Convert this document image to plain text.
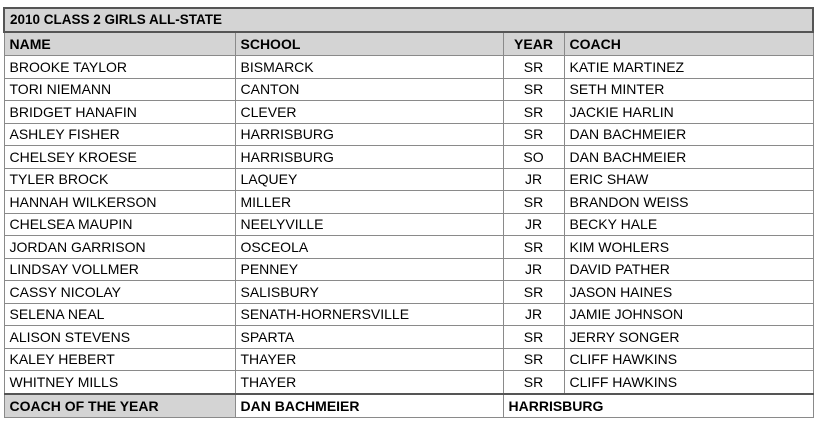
2010 CLASS 2 GIRLS ALL-STATE			
NAME	SCHOOL	YEAR	COACH
BROOKE TAYLOR	BISMARCK	SR	KATIE MARTINEZ
TORI NIEMANN	CANTON	SR	SETH MINTER
BRIDGET HANAFIN	CLEVER	SR	JACKIE HARLIN
ASHLEY FISHER	HARRISBURG	SR	DAN BACHMEIER
CHELSEY KROESE	HARRISBURG	SO	DAN BACHMEIER
TYLER BROCK	LAQUEY	JR	ERIC SHAW
HANNAH WILKERSON	MILLER	SR	BRANDON WEISS
CHELSEA MAUPIN	NEELYVILLE	JR	BECKY HALE
JORDAN GARRISON	OSCEOLA	SR	KIM WOHLERS
LINDSAY VOLLMER	PENNEY	JR	DAVID PATHER
CASSY NICOLAY	SALISBURY	SR	JASON HAINES
SELENA NEAL	SENATH-HORNERSVILLE	JR	JAMIE JOHNSON
ALISON STEVENS	SPARTA	SR	JERRY SONGER
KALEY HEBERT	THAYER	SR	CLIFF HAWKINS
WHITNEY MILLS	THAYER	SR	CLIFF HAWKINS
COACH OF THE YEAR	DAN BACHMEIER	HARRISBURG	
